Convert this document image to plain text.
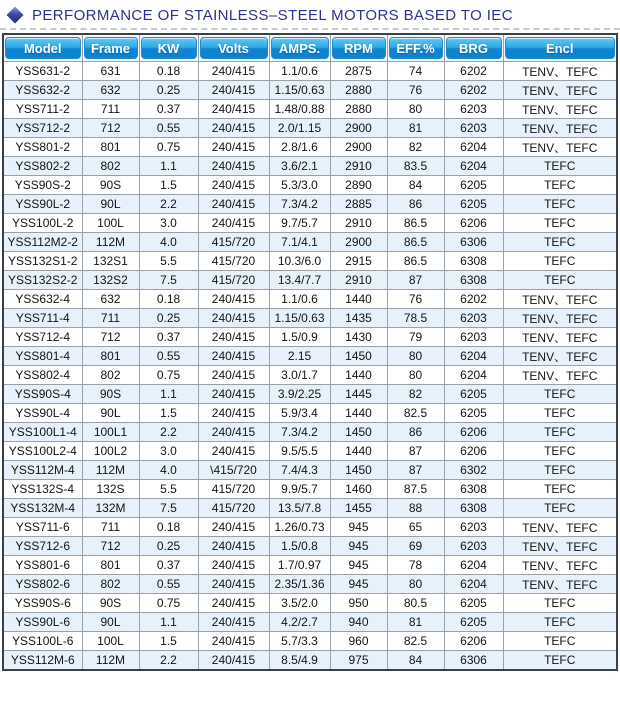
PERFORMANCE OF STAINLESS–STEEL MOTORS BASED TO IEC
Model	Frame	KW	Volts	AMPS.	RPM	EFF.%	BRG	Encl

YSS631-2	631	0.18	240/415	1.1/0.6	2875	74	6202	TENV、TEFC
YSS632-2	632	0.25	240/415	1.15/0.63	2880	76	6202	TENV、TEFC
YSS711-2	711	0.37	240/415	1.48/0.88	2880	80	6203	TENV、TEFC
YSS712-2	712	0.55	240/415	2.0/1.15	2900	81	6203	TENV、TEFC
YSS801-2	801	0.75	240/415	2.8/1.6	2900	82	6204	TENV、TEFC
YSS802-2	802	1.1	240/415	3.6/2.1	2910	83.5	6204	TEFC
YSS90S-2	90S	1.5	240/415	5.3/3.0	2890	84	6205	TEFC
YSS90L-2	90L	2.2	240/415	7.3/4.2	2885	86	6205	TEFC
YSS100L-2	100L	3.0	240/415	9.7/5.7	2910	86.5	6206	TEFC
YSS112M2-2	112M	4.0	415/720	7.1/4.1	2900	86.5	6306	TEFC
YSS132S1-2	132S1	5.5	415/720	10.3/6.0	2915	86.5	6308	TEFC
YSS132S2-2	132S2	7.5	415/720	13.4/7.7	2910	87	6308	TEFC
YSS632-4	632	0.18	240/415	1.1/0.6	1440	76	6202	TENV、TEFC
YSS711-4	711	0.25	240/415	1.15/0.63	1435	78.5	6203	TENV、TEFC
YSS712-4	712	0.37	240/415	1.5/0.9	1430	79	6203	TENV、TEFC
YSS801-4	801	0.55	240/415	2.15	1450	80	6204	TENV、TEFC
YSS802-4	802	0.75	240/415	3.0/1.7	1440	80	6204	TENV、TEFC
YSS90S-4	90S	1.1	240/415	3.9/2.25	1445	82	6205	TEFC
YSS90L-4	90L	1.5	240/415	5.9/3.4	1440	82.5	6205	TEFC
YSS100L1-4	100L1	2.2	240/415	7.3/4.2	1450	86	6206	TEFC
YSS100L2-4	100L2	3.0	240/415	9.5/5.5	1440	87	6206	TEFC
YSS112M-4	112M	4.0	\415/720	7.4/4.3	1450	87	6302	TEFC
YSS132S-4	132S	5.5	415/720	9.9/5.7	1460	87.5	6308	TEFC
YSS132M-4	132M	7.5	415/720	13.5/7.8	1455	88	6308	TEFC
YSS711-6	711	0.18	240/415	1.26/0.73	945	65	6203	TENV、TEFC
YSS712-6	712	0.25	240/415	1.5/0.8	945	69	6203	TENV、TEFC
YSS801-6	801	0.37	240/415	1.7/0.97	945	78	6204	TENV、TEFC
YSS802-6	802	0.55	240/415	2.35/1.36	945	80	6204	TENV、TEFC
YSS90S-6	90S	0.75	240/415	3.5/2.0	950	80.5	6205	TEFC
YSS90L-6	90L	1.1	240/415	4.2/2.7	940	81	6205	TEFC
YSS100L-6	100L	1.5	240/415	5.7/3.3	960	82.5	6206	TEFC
YSS112M-6	112M	2.2	240/415	8.5/4.9	975	84	6306	TEFC
